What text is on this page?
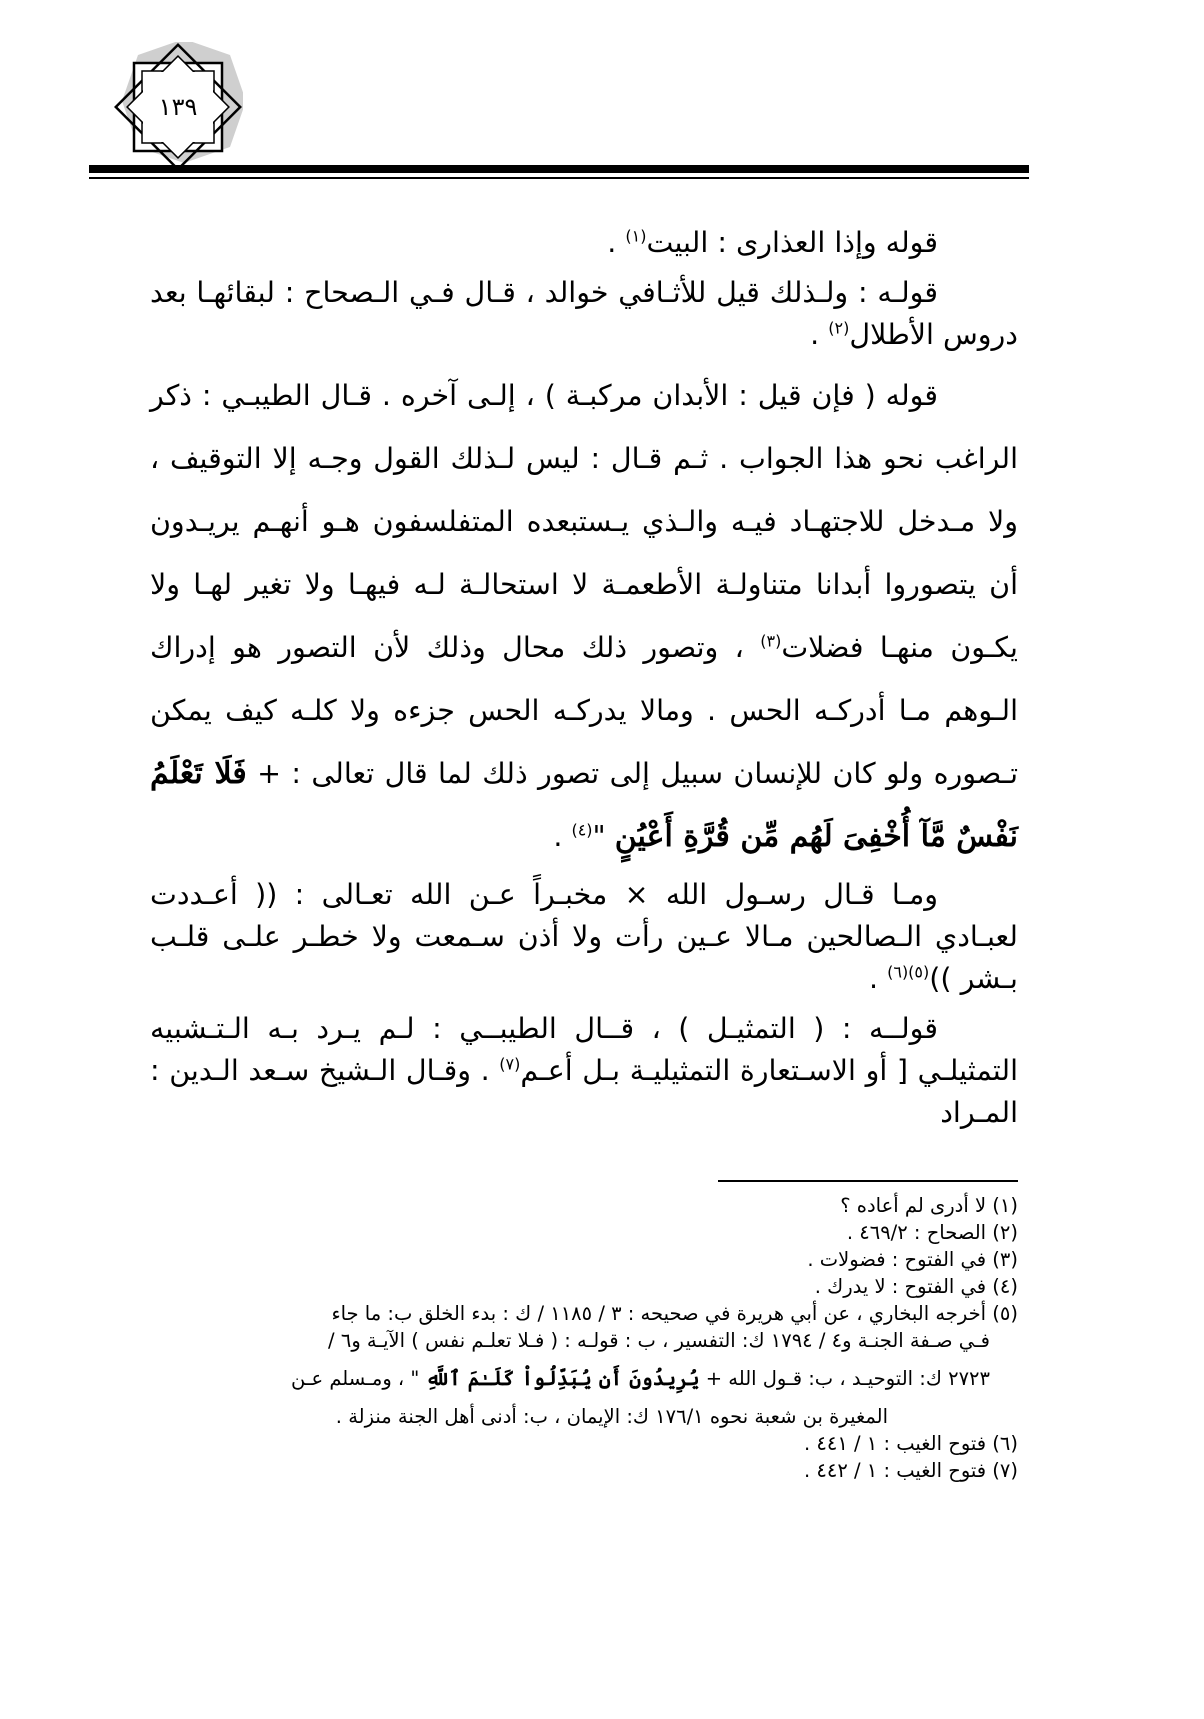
١٣٩

قوله وإذا العذارى : البيت$^{(١)}$ .

قولـه : ولـذلك قيل للأثـافي خوالد ، قـال فـي الـصحاح : لبقائهـا بعد دروس الأطلال$^{(٢)}$ .

قوله ( فإن قيل : الأبدان مركبـة ) ، إلـى آخره . قـال الطيبـي : ذكر الراغب نحو هذا الجواب . ثـم قـال : ليس لـذلك القول وجـه إلا التوقيف ، ولا مـدخل للاجتهـاد فيـه والـذي يـستبعده المتفلسفون هـو أنهـم يريـدون أن يتصوروا أبدانا متناولـة الأطعمـة لا استحالـة لـه فيهـا ولا تغير لهـا ولا يكـون منهـا فضلات$^{(٣)}$ ، وتصور ذلك محال وذلك لأن التصور هو إدراك الـوهم مـا أدركـه الحس . ومالا يدركـه الحس جزءه ولا كلـه كيف يمكن تـصوره ولو كان للإنسان سبيل إلى تصور ذلك لما قال تعالى : + فَلَا تَعْلَمُ نَفْسٌ مَّآ أُخْفِىَ لَهُم مِّن قُرَّةِ أَعْيُنٍ "$^{(٤)}$ .

ومـا قـال رسـول الله × مخبـراً عـن الله تعـالى : (( أعـددت لعبـادي الـصالحين مـالا عـين رأت ولا أذن سـمعت ولا خطـر علـى قلـب بـشر ))$^{(٥)(٦)}$ .

قولــه : ( التمثيـل ) ، قــال الطيبــي : لـم يـرد بـه الـتـشبيه التمثيلـي [ أو الاسـتعارة التمثيليـة بـل أعـم$^{(٧)}$ . وقـال الـشيخ سـعد الـدين : المـراد

(١) لا أدرى لم أعاده ؟

(٢) الصحاح : ٤٦٩/٢ .

(٣) في الفتوح : فضولات .

(٤) في الفتوح : لا يدرك .

(٥) أخرجه البخاري ، عن أبي هريرة في صحيحه : ٣ / ١١٨٥ / ك : بدء الخلق ب: ما جاء
فـي صـفة الجنـة و٤ / ١٧٩٤ ك: التفسير ، ب : قولـه : ( فـلا تعلـم نفس ) الآيـة و٦ /
٢٧٢٣ ك: التوحيـد ، ب: قـول الله + يُرِيدُونَ أَن يُبَدِّلُواْ كَلَـٰمَ ٱللَّهِ " ، ومـسلم عـن
المغيرة بن شعبة نحوه ١٧٦/١ ك: الإيمان ، ب: أدنى أهل الجنة منزلة .

(٦) فتوح الغيب : ١ / ٤٤١ .

(٧) فتوح الغيب : ١ / ٤٤٢ .
